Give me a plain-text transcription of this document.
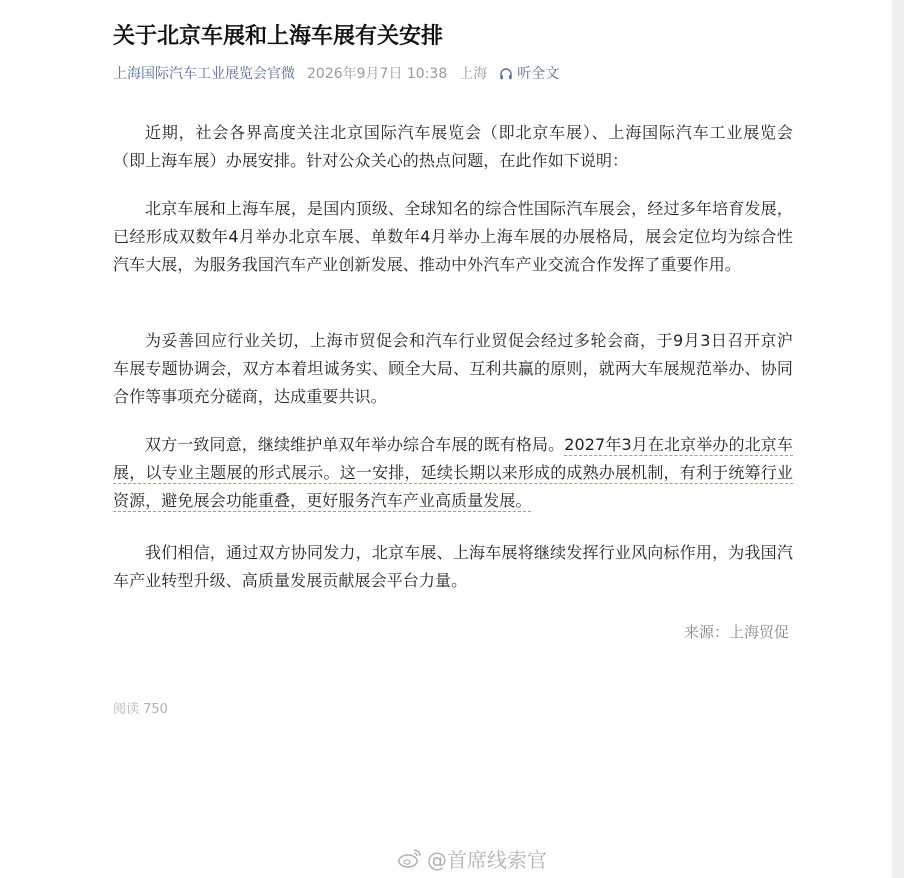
关于北京车展和上海车展有关安排
上海国际汽车工业展览会官微 2026年9月7日 10:38 上海 听全文

近期，社会各界高度关注北京国际汽车展览会（即北京车展）、上海国际汽车工业展览会（即上海车展）办展安排。针对公众关心的热点问题，在此作如下说明：

北京车展和上海车展，是国内顶级、全球知名的综合性国际汽车展会，经过多年培育发展，已经形成双数年4月举办北京车展、单数年4月举办上海车展的办展格局，展会定位均为综合性汽车大展，为服务我国汽车产业创新发展、推动中外汽车产业交流合作发挥了重要作用。

为妥善回应行业关切，上海市贸促会和汽车行业贸促会经过多轮会商，于9月3日召开京沪车展专题协调会，双方本着坦诚务实、顾全大局、互利共赢的原则，就两大车展规范举办、协同合作等事项充分磋商，达成重要共识。

双方一致同意，继续维护单双年举办综合车展的既有格局。2027年3月在北京举办的北京车展，以专业主题展的形式展示。这一安排，延续长期以来形成的成熟办展机制，有利于统筹行业资源，避免展会功能重叠，更好服务汽车产业高质量发展。

我们相信，通过双方协同发力，北京车展、上海车展将继续发挥行业风向标作用，为我国汽车产业转型升级、高质量发展贡献展会平台力量。

来源：上海贸促
阅读 750
@首席线索官
